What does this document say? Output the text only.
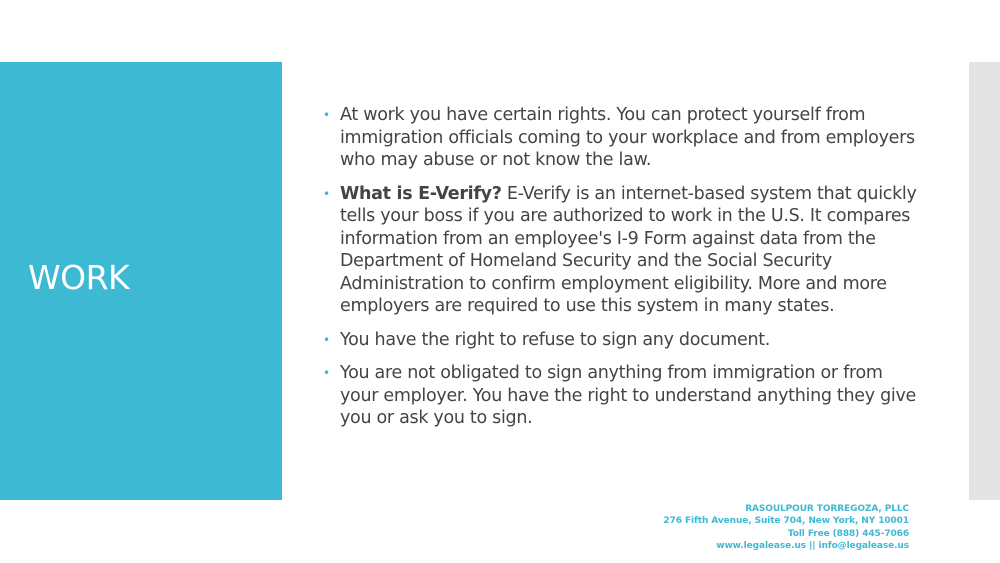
WORK
• At work you have certain rights. You can protect yourself from immigration officials coming to your workplace and from employers who may abuse or not know the law.
• What is E-Verify? E-Verify is an internet-based system that quickly tells your boss if you are authorized to work in the U.S. It compares information from an employee's I-9 Form against data from the Department of Homeland Security and the Social Security Administration to confirm employment eligibility. More and more employers are required to use this system in many states.
• You have the right to refuse to sign any document.
• You are not obligated to sign anything from immigration or from your employer. You have the right to understand anything they give you or ask you to sign.
RASOULPOUR TORREGOZA, PLLC
276 Fifth Avenue, Suite 704, New York, NY 10001
Toll Free (888) 445-7066
www.legalease.us || info@legalease.us
